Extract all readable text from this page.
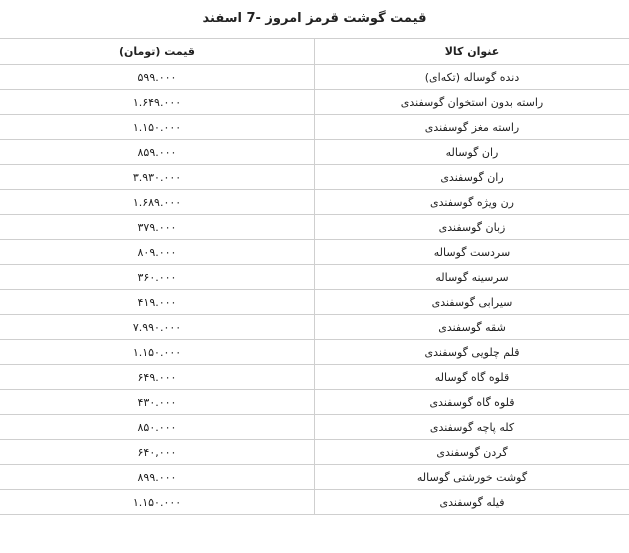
قیمت گوشت قرمز امروز -7 اسفند
عنوان کالا	قیمت (تومان)
دنده گوساله (تکه‌ای)	۵۹۹.۰۰۰
راسته بدون استخوان گوسفندی	۱.۶۴۹.۰۰۰
راسته مغز گوسفندی	۱.۱۵۰.۰۰۰
ران گوساله	۸۵۹.۰۰۰
ران گوسفندی	۳.۹۳۰.۰۰۰
رن ویژه گوسفندی	۱.۶۸۹.۰۰۰
زبان گوسفندی	۳۷۹.۰۰۰
سردست گوساله	۸۰۹.۰۰۰
سرسینه گوساله	۳۶۰.۰۰۰
سیرابی گوسفندی	۴۱۹.۰۰۰
شقه گوسفندی	۷.۹۹۰.۰۰۰
قلم چلویی گوسفندی	۱.۱۵۰.۰۰۰
قلوه گاه گوساله	۶۴۹.۰۰۰
قلوه گاه گوسفندی	۴۳۰.۰۰۰
کله پاچه گوسفندی	۸۵۰.۰۰۰
گردن گوسفندی	۶۴۰,۰۰۰
گوشت خورشتی گوساله	۸۹۹.۰۰۰
فیله گوسفندی	۱.۱۵۰.۰۰۰
